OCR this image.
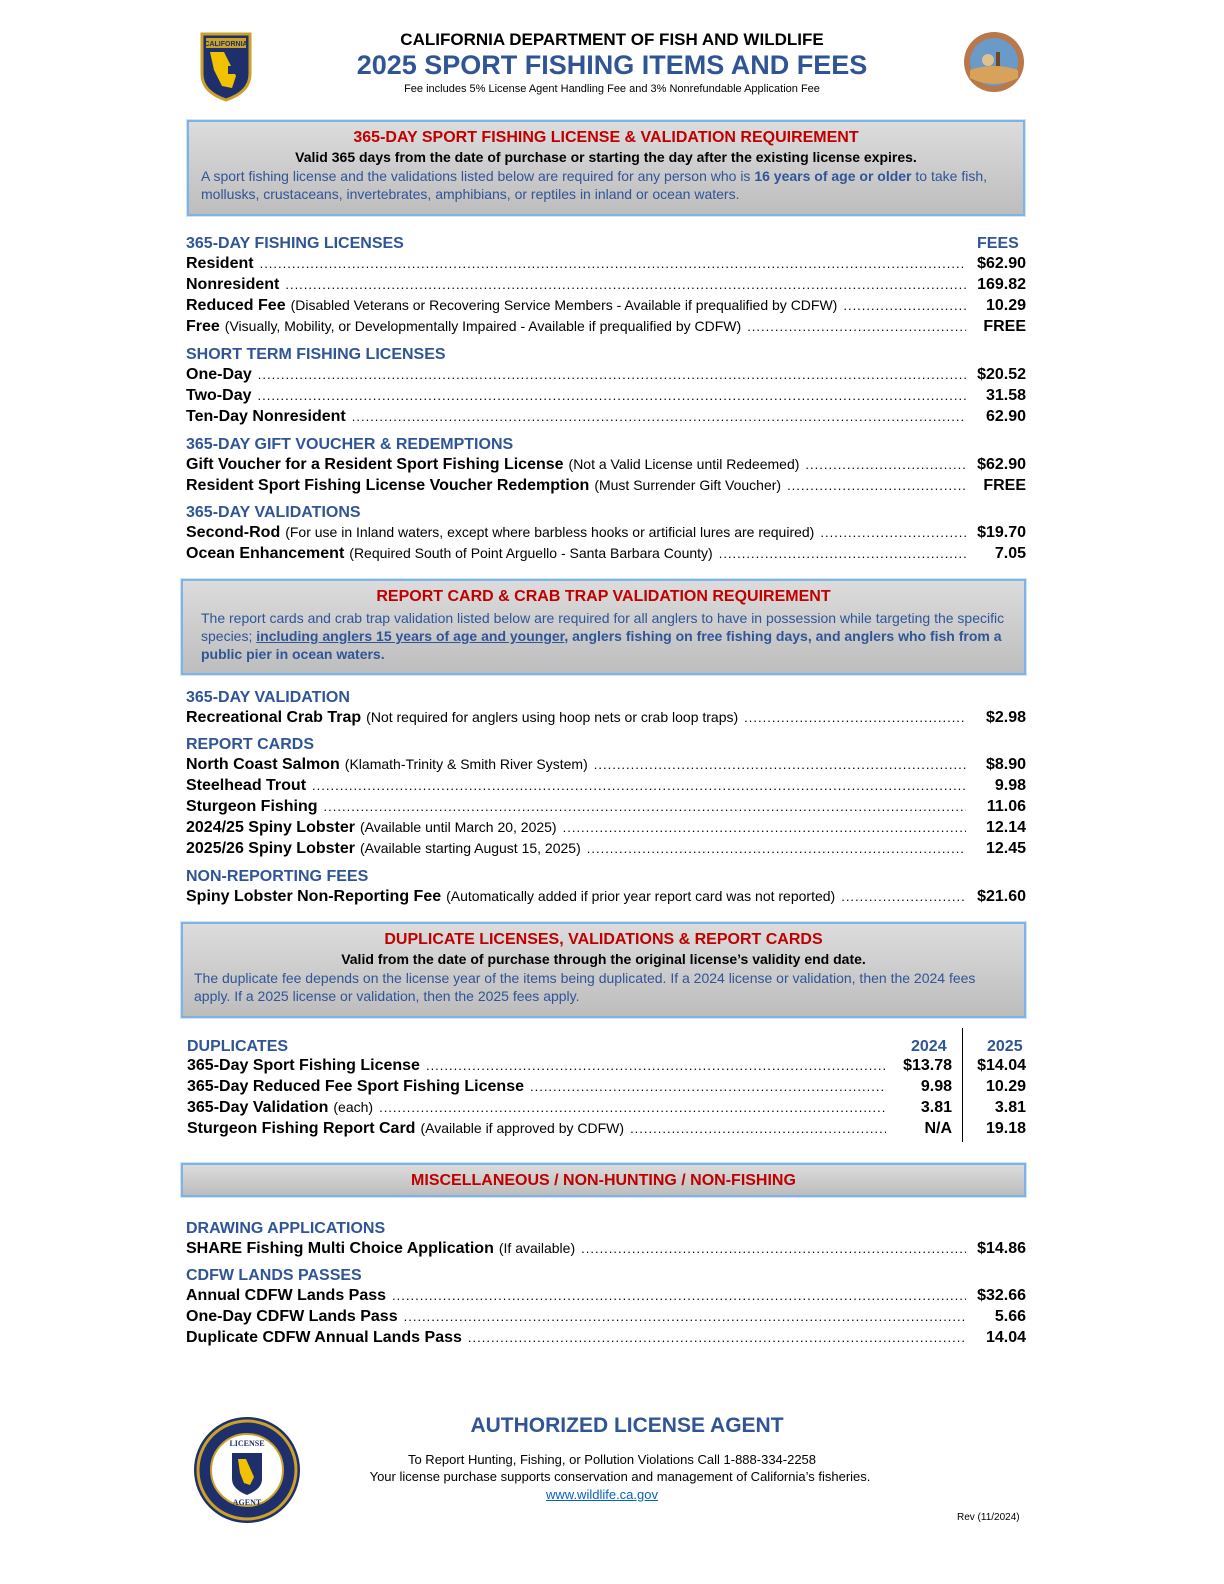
CALIFORNIA	CALIFORNIA DEPARTMENT OF FISH AND WILDLIFE
2025 SPORT FISHING ITEMS AND FEES
Fee includes 5% License Agent Handling Fee and 3% Nonrefundable Application Fee
365-DAY SPORT FISHING LICENSE & VALIDATION REQUIREMENT
Valid 365 days from the date of purchase or starting the day after the existing license expires.
A sport fishing license and the validations listed below are required for any person who is 16 years of age or older to take fish, mollusks, crustaceans, invertebrates, amphibians, or reptiles in inland or ocean waters.
365-DAY FISHING LICENSES	FEES
Resident .....	$62.90
Nonresident .....	169.82
Reduced Fee (Disabled Veterans or Recovering Service Members - Available if prequalified by CDFW) .....	10.29
Free (Visually, Mobility, or Developmentally Impaired - Available if prequalified by CDFW) .....	FREE
SHORT TERM FISHING LICENSES
One-Day .....	$20.52
Two-Day .....	31.58
Ten-Day Nonresident .....	62.90
365-DAY GIFT VOUCHER & REDEMPTIONS
Gift Voucher for a Resident Sport Fishing License (Not a Valid License until Redeemed) .....	$62.90
Resident Sport Fishing License Voucher Redemption (Must Surrender Gift Voucher) .....	FREE
365-DAY VALIDATIONS
Second-Rod (For use in Inland waters, except where barbless hooks or artificial lures are required) .....	$19.70
Ocean Enhancement (Required South of Point Arguello - Santa Barbara County) .....	7.05
REPORT CARD & CRAB TRAP VALIDATION REQUIREMENT
The report cards and crab trap validation listed below are required for all anglers to have in possession while targeting the specific species; including anglers 15 years of age and younger, anglers fishing on free fishing days, and anglers who fish from a public pier in ocean waters.
365-DAY VALIDATION
Recreational Crab Trap (Not required for anglers using hoop nets or crab loop traps) .....	$2.98
REPORT CARDS
North Coast Salmon (Klamath-Trinity & Smith River System) .....	$8.90
Steelhead Trout .....	9.98
Sturgeon Fishing .....	11.06
2024/25 Spiny Lobster (Available until March 20, 2025) .....	12.14
2025/26 Spiny Lobster (Available starting August 15, 2025) .....	12.45
NON-REPORTING FEES
Spiny Lobster Non-Reporting Fee (Automatically added if prior year report card was not reported) .....	$21.60
DUPLICATE LICENSES, VALIDATIONS & REPORT CARDS
Valid from the date of purchase through the original license’s validity end date.
The duplicate fee depends on the license year of the items being duplicated. If a 2024 license or validation, then the 2024 fees apply. If a 2025 license or validation, then the 2025 fees apply.
DUPLICATES	2024	2025
365-Day Sport Fishing License .....	$13.78	$14.04
365-Day Reduced Fee Sport Fishing License .....	9.98	10.29
365-Day Validation (each) .....	3.81	3.81
Sturgeon Fishing Report Card (Available if approved by CDFW) .....	N/A	19.18
MISCELLANEOUS / NON-HUNTING / NON-FISHING
DRAWING APPLICATIONS
SHARE Fishing Multi Choice Application (If available) .....	$14.86
CDFW LANDS PASSES
Annual CDFW Lands Pass .....	$32.66
One-Day CDFW Lands Pass .....	5.66
Duplicate CDFW Annual Lands Pass .....	14.04
LICENSE
AGENT
AUTHORIZED LICENSE AGENT
To Report Hunting, Fishing, or Pollution Violations Call 1-888-334-2258
Your license purchase supports conservation and management of California’s fisheries.
www.wildlife.ca.gov
Rev (11/2024)
